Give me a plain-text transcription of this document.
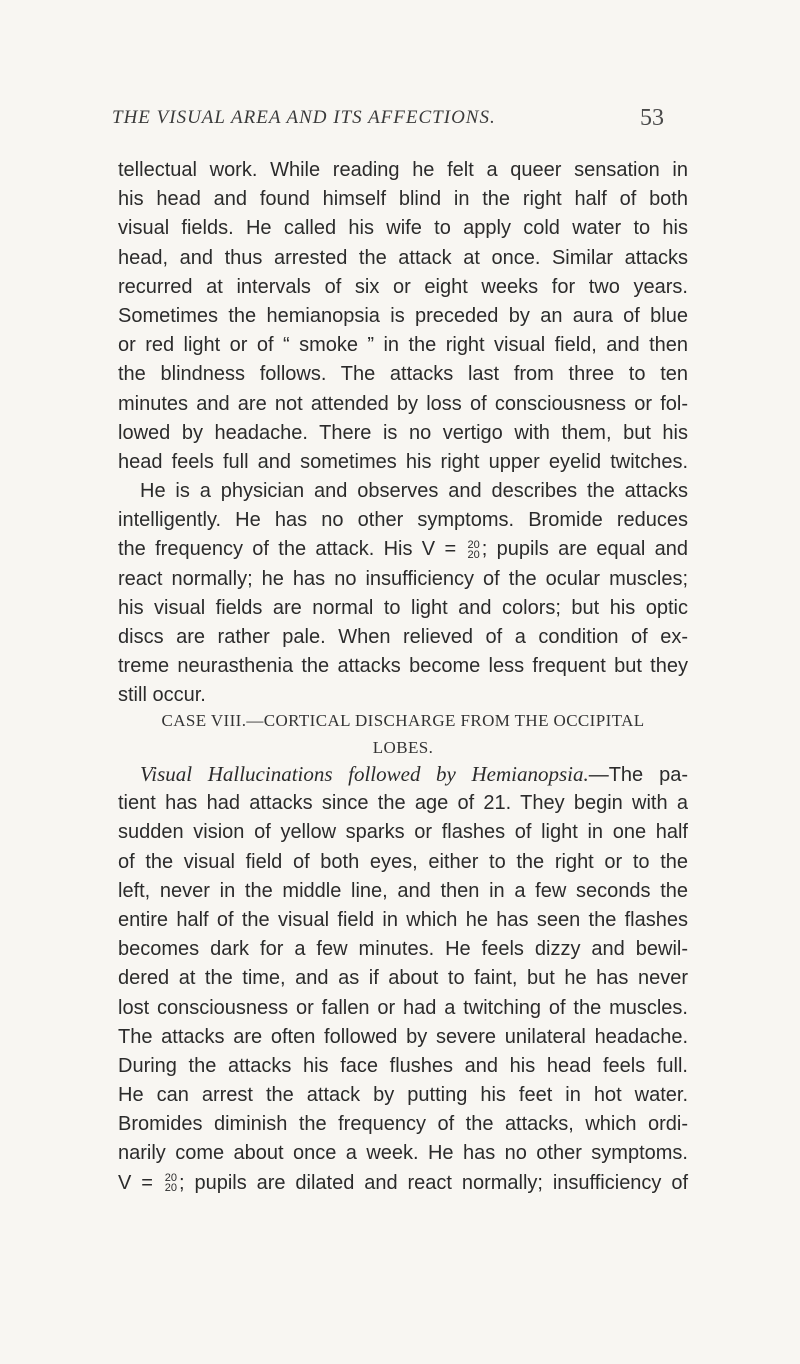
THE VISUAL AREA AND ITS AFFECTIONS.	53
tellectual work. While reading he felt a queer sensation in
his head and found himself blind in the right half of both
visual fields. He called his wife to apply cold water to his
head, and thus arrested the attack at once. Similar attacks
recurred at intervals of six or eight weeks for two years.
Sometimes the hemianopsia is preceded by an aura of blue
or red light or of “ smoke ” in the right visual field, and then
the blindness follows. The attacks last from three to ten
minutes and are not attended by loss of consciousness or fol-
lowed by headache. There is no vertigo with them, but his
head feels full and sometimes his right upper eyelid twitches.
He is a physician and observes and describes the attacks
intelligently. He has no other symptoms. Bromide reduces
the frequency of the attack. His V = 20
20 ; pupils are equal and
react normally; he has no insufficiency of the ocular muscles;
his visual fields are normal to light and colors; but his optic
discs are rather pale. When relieved of a condition of ex-
treme neurasthenia the attacks become less frequent but they
still occur.
CASE VIII.—CORTICAL DISCHARGE FROM THE OCCIPITAL
LOBES.
Visual Hallucinations followed by Hemianopsia.—The pa-
tient has had attacks since the age of 21. They begin with a
sudden vision of yellow sparks or flashes of light in one half
of the visual field of both eyes, either to the right or to the
left, never in the middle line, and then in a few seconds the
entire half of the visual field in which he has seen the flashes
becomes dark for a few minutes. He feels dizzy and bewil-
dered at the time, and as if about to faint, but he has never
lost consciousness or fallen or had a twitching of the muscles.
The attacks are often followed by severe unilateral headache.
During the attacks his face flushes and his head feels full.
He can arrest the attack by putting his feet in hot water.
Bromides diminish the frequency of the attacks, which ordi-
narily come about once a week. He has no other symptoms.
V = 20
20 ; pupils are dilated and react normally; insufficiency of
